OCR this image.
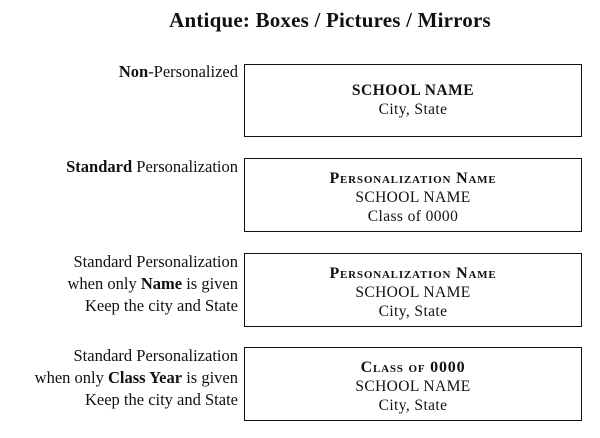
Antique: Boxes / Pictures / Mirrors
Non-Personalized
SCHOOL NAME
City, State
Standard Personalization
Personalization Name
SCHOOL NAME
Class of 0000
Standard Personalization
when only Name is given
Keep the city and State
Personalization Name
SCHOOL NAME
City, State
Standard Personalization
when only Class Year is given
Keep the city and State
Class of 0000
SCHOOL NAME
City, State
